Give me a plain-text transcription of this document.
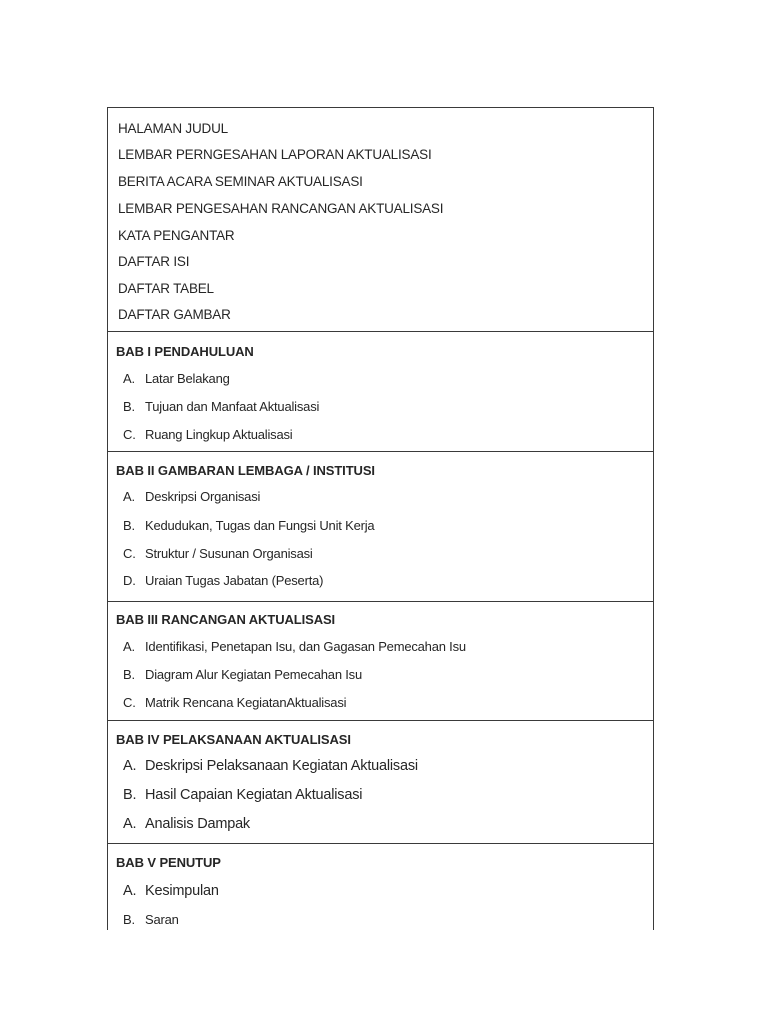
HALAMAN JUDUL
LEMBAR PERNGESAHAN LAPORAN AKTUALISASI
BERITA ACARA SEMINAR AKTUALISASI
LEMBAR PENGESAHAN RANCANGAN AKTUALISASI
KATA PENGANTAR
DAFTAR ISI
DAFTAR TABEL
DAFTAR GAMBAR
BAB I PENDAHULUAN
A. Latar Belakang
B. Tujuan dan Manfaat Aktualisasi
C. Ruang Lingkup Aktualisasi
BAB II GAMBARAN LEMBAGA / INSTITUSI
A. Deskripsi Organisasi
B. Kedudukan, Tugas dan Fungsi Unit Kerja
C. Struktur / Susunan Organisasi
D. Uraian Tugas Jabatan (Peserta)
BAB III RANCANGAN AKTUALISASI
A. Identifikasi, Penetapan Isu, dan Gagasan Pemecahan Isu
B. Diagram Alur Kegiatan Pemecahan Isu
C. Matrik Rencana KegiatanAktualisasi
BAB IV PELAKSANAAN AKTUALISASI
A. Deskripsi Pelaksanaan Kegiatan Aktualisasi
B. Hasil Capaian Kegiatan Aktualisasi
A. Analisis Dampak
BAB V PENUTUP
A. Kesimpulan
B. Saran
